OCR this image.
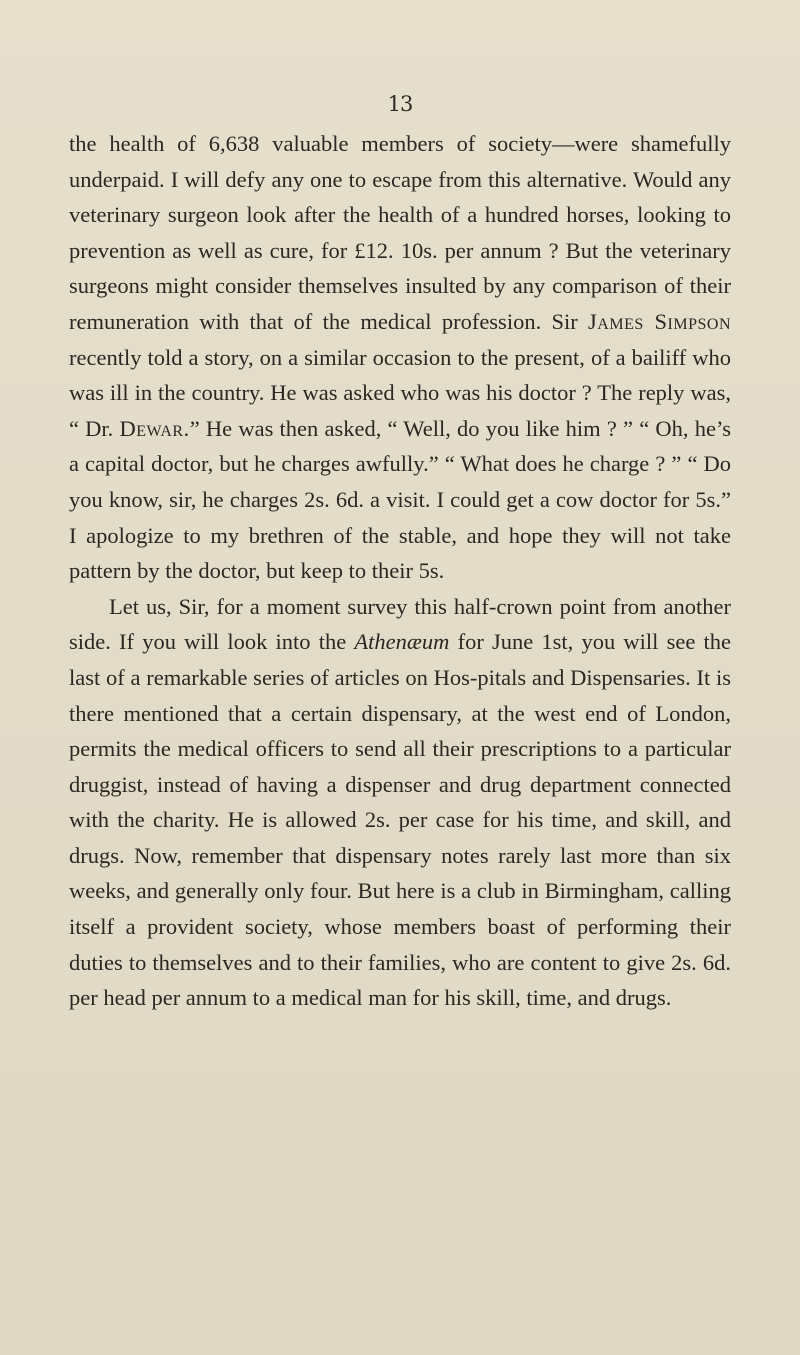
13

the health of 6,638 valuable members of society—were shamefully underpaid. I will defy any one to escape from this alternative. Would any veterinary surgeon look after the health of a hundred horses, looking to prevention as well as cure, for £12. 10s. per annum ? But the veterinary surgeons might consider themselves insulted by any comparison of their remuneration with that of the medical profession. Sir James Simpson recently told a story, on a similar occasion to the present, of a bailiff who was ill in the country. He was asked who was his doctor ? The reply was, “ Dr. Dewar.” He was then asked, “ Well, do you like him ? ” “ Oh, he’s a capital doctor, but he charges awfully.” “ What does he charge ? ” “ Do you know, sir, he charges 2s. 6d. a visit. I could get a cow doctor for 5s.” I apologize to my brethren of the stable, and hope they will not take pattern by the doctor, but keep to their 5s.

Let us, Sir, for a moment survey this half-crown point from another side. If you will look into the Athenæum for June 1st, you will see the last of a remarkable series of articles on Hos-pitals and Dispensaries. It is there mentioned that a certain dispensary, at the west end of London, permits the medical officers to send all their prescriptions to a particular druggist, instead of having a dispenser and drug department connected with the charity. He is allowed 2s. per case for his time, and skill, and drugs. Now, remember that dispensary notes rarely last more than six weeks, and generally only four. But here is a club in Birmingham, calling itself a provident society, whose members boast of performing their duties to themselves and to their families, who are content to give 2s. 6d. per head per annum to a medical man for his skill, time, and drugs.
